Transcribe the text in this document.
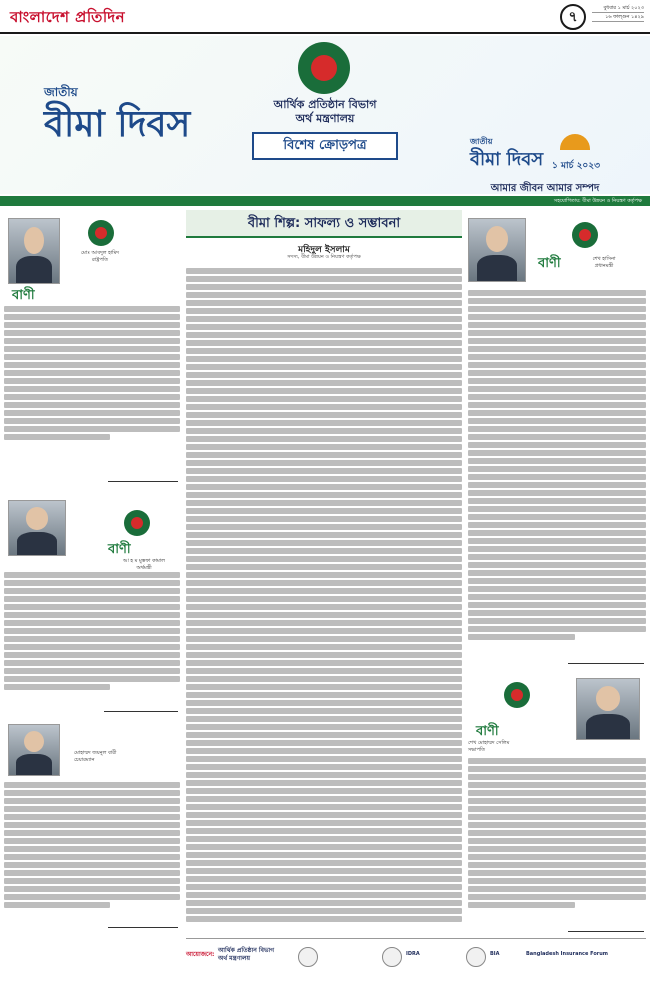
বাংলাদেশ প্রতিদিন	৭
বুধবার ১ মার্চ ২০২৩
১৬ ফাল্গুন ১৪২৯
আর্থিক প্রতিষ্ঠান বিভাগ
অর্থ মন্ত্রণালয়
বিশেষ ক্রোড়পত্র
জাতীয়
বীমা দিবস	জাতীয়
বীমা দিবস ১ মার্চ ২০২৩
আমার জীবন আমার সম্পদ
সহযোগিতায়: বীমা উন্নয়ন ও নিয়ন্ত্রণ কর্তৃপক্ষ
মোঃ আবদুল হামিদ
রাষ্ট্রপতি
বাণী
বাণী
আ হ ম মুস্তফা কামাল
অর্থমন্ত্রী
মোহাম্মদ জয়নুল বারী
চেয়ারম্যান
বীমা শিল্প: সাফল্য ও সম্ভাবনা
মহিদুল ইসলাম
সদস্য, বীমা উন্নয়ন ও নিয়ন্ত্রণ কর্তৃপক্ষ	বাণী	শেখ হাসিনা
প্রধানমন্ত্রী
বাণী
শেখ মোহাম্মদ সেলিম
সভাপতি
আয়োজনে:
আর্থিক প্রতিষ্ঠান বিভাগ
অর্থ মন্ত্রণালয়
IDRA	BIA	Bangladesh Insurance Forum
